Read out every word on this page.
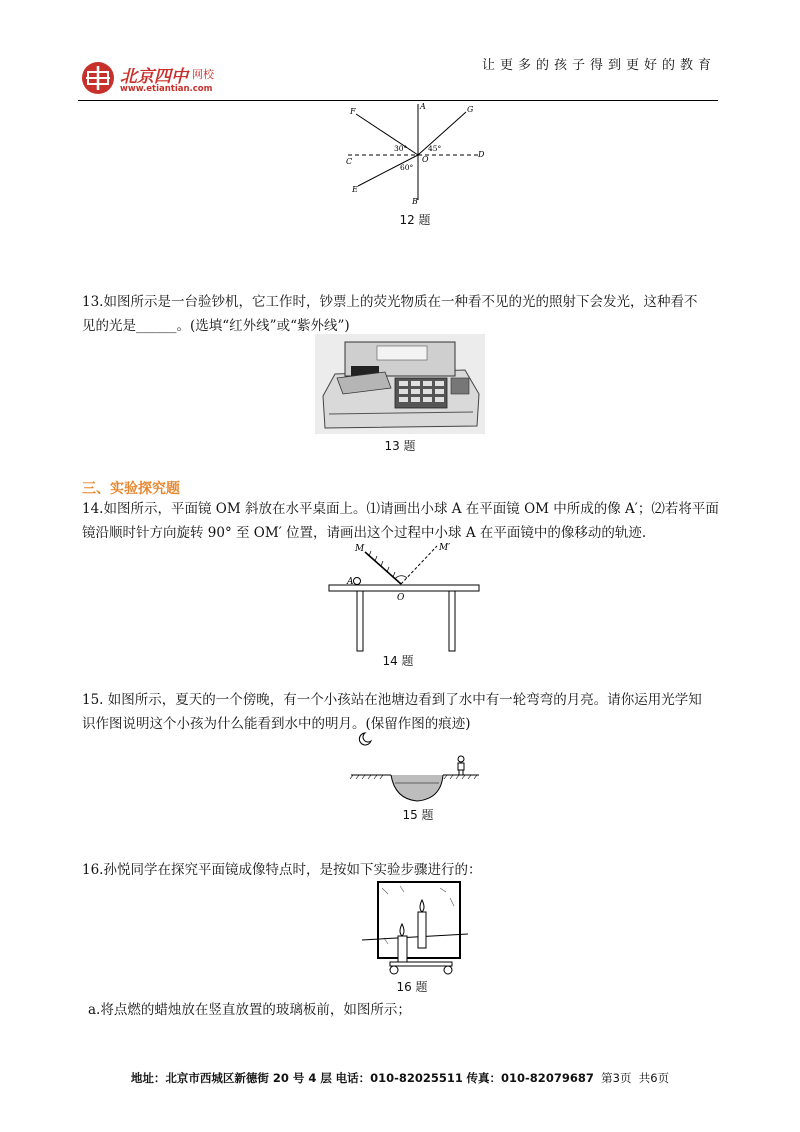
北京四中 网校
www.etiantian.com
让更多的孩子得到更好的教育
F
A	G
C
D
O
E
B
30°	45°
60°
12 题
13.如图所示是一台验钞机，它工作时，钞票上的荧光物质在一种看不见的光的照射下会发光，这种看不
见的光是______。(选填“红外线”或“紫外线”)
13 题
三、实验探究题
14.如图所示，平面镜 OM 斜放在水平桌面上。⑴请画出小球 A 在平面镜 OM 中所成的像 A′；⑵若将平面
镜沿顺时针方向旋转 90° 至 OM′ 位置，请画出这个过程中小球 A 在平面镜中的像移动的轨迹.
M	M′
A
O
14 题
15. 如图所示，夏天的一个傍晚，有一个小孩站在池塘边看到了水中有一轮弯弯的月亮。请你运用光学知
识作图说明这个小孩为什么能看到水中的明月。(保留作图的痕迹)
15 题
16.孙悦同学在探究平面镜成像特点时，是按如下实验步骤进行的：
16 题
a.将点燃的蜡烛放在竖直放置的玻璃板前，如图所示；
地址：北京市西城区新德街 20 号 4 层 电话：010-82025511 传真：010-82079687 第3页 共6页
